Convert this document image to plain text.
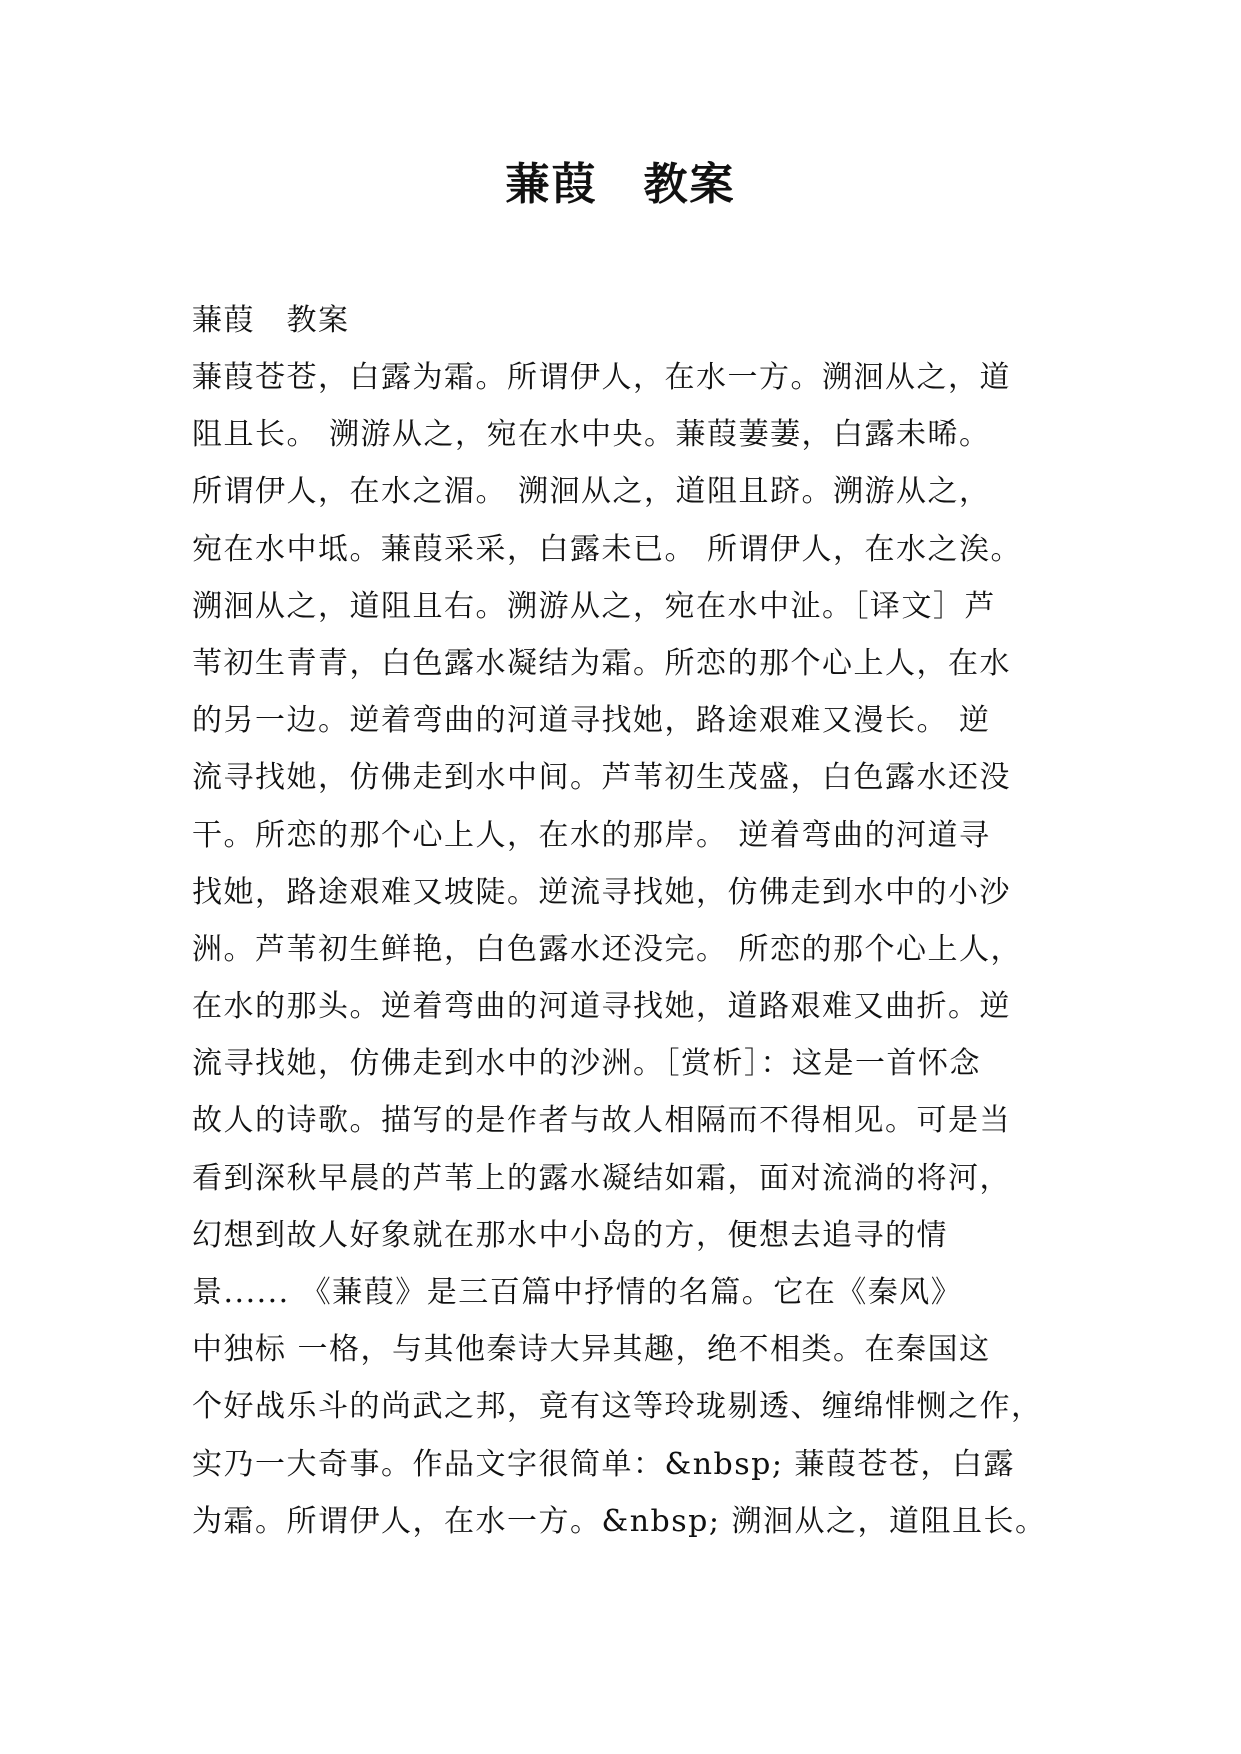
蒹葭　教案
蒹葭　教案
蒹葭苍苍，白露为霜。所谓伊人，在水一方。溯洄从之，道
阻且长。 溯游从之，宛在水中央。蒹葭萋萋，白露未晞。
所谓伊人，在水之湄。 溯洄从之，道阻且跻。溯游从之，
宛在水中坻。蒹葭采采，白露未已。 所谓伊人，在水之涘。
溯洄从之，道阻且右。溯游从之，宛在水中沚。［译文］芦
苇初生青青，白色露水凝结为霜。所恋的那个心上人，在水
的另一边。逆着弯曲的河道寻找她，路途艰难又漫长。 逆
流寻找她，仿佛走到水中间。芦苇初生茂盛，白色露水还没
干。所恋的那个心上人，在水的那岸。 逆着弯曲的河道寻
找她，路途艰难又坡陡。逆流寻找她，仿佛走到水中的小沙
洲。芦苇初生鲜艳，白色露水还没完。 所恋的那个心上人，
在水的那头。逆着弯曲的河道寻找她，道路艰难又曲折。逆
流寻找她，仿佛走到水中的沙洲。［赏析］：这是一首怀念
故人的诗歌。描写的是作者与故人相隔而不得相见。可是当
看到深秋早晨的芦苇上的露水凝结如霜，面对流淌的将河，
幻想到故人好象就在那水中小岛的方，便想去追寻的情
景...... 《蒹葭》是三百篇中抒情的名篇。它在《秦风》
中独标 一格，与其他秦诗大异其趣，绝不相类。在秦国这
个好战乐斗的尚武之邦，竟有这等玲珑剔透、缠绵悱恻之作，
实乃一大奇事。作品文字很简单：&nbsp; 蒹葭苍苍，白露
为霜。所谓伊人，在水一方。&nbsp; 溯洄从之，道阻且长。
